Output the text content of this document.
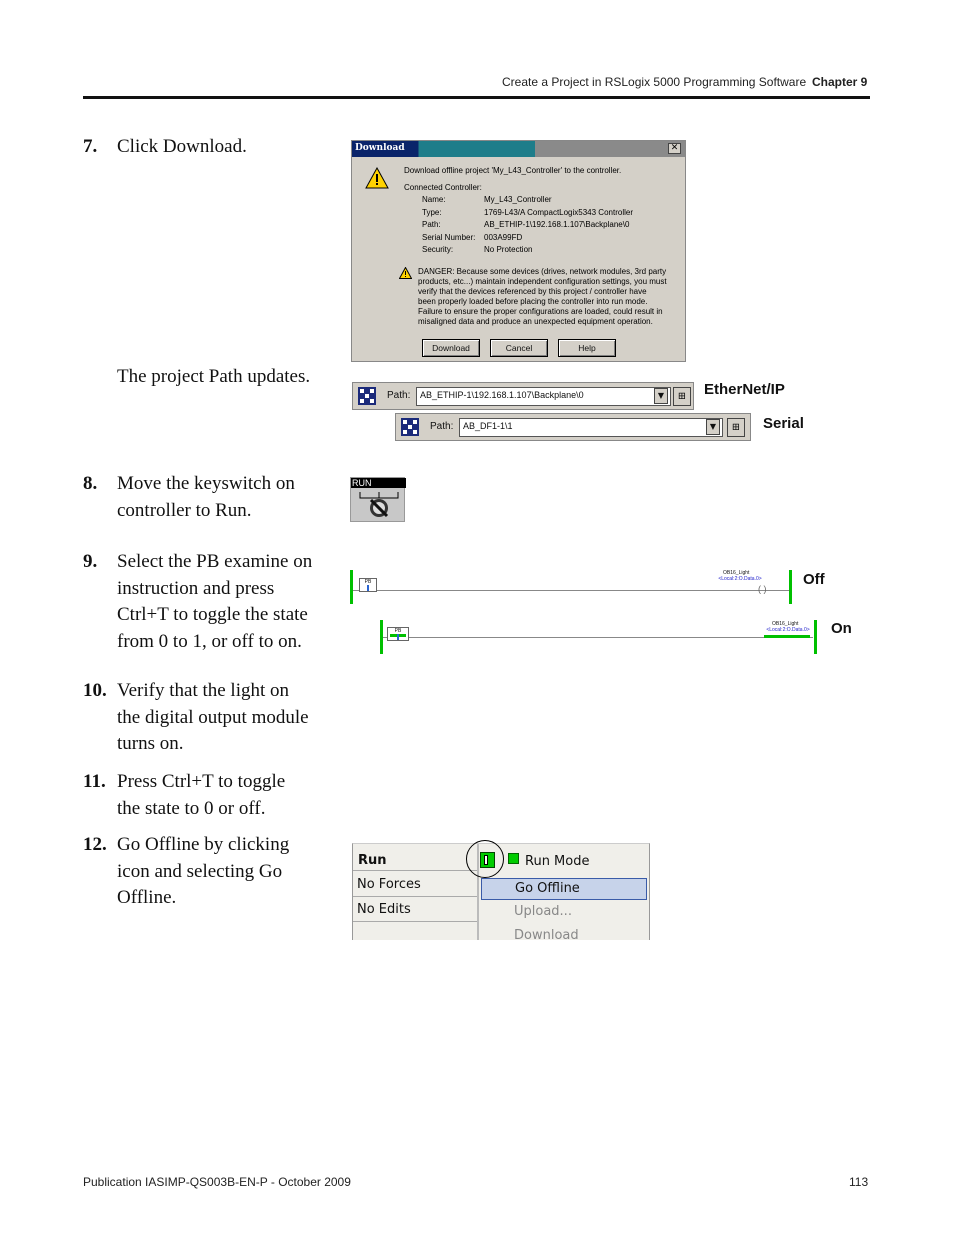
Create a Project in RSLogix 5000 Programming Software Chapter 9
7. Click Download.	Download	✕
Download offline project 'My_L43_Controller' to the controller.
Connected Controller:
Name:	My_L43_Controller
Type:	1769-L43/A CompactLogix5343 Controller
Path:	AB_ETHIP-1\192.168.1.107\Backplane\0
Serial Number: 003A99FD
Security:	No Protection
DANGER: Because some devices (drives, network modules, 3rd party
products, etc...) maintain independent configuration settings, you must
verify that the devices referenced by this project / controller have
been properly loaded before placing the controller into run mode.
Failure to ensure the proper configurations are loaded, could result in
misaligned data and produce an unexpected equipment operation.
Download	Cancel	Help
The project Path updates.
Path:	AB_ETHIP-1\192.168.1.107\Backplane\0	▼	⊞	EtherNet/IP
Path:	AB_DF1-1\1	▼	⊞	Serial
8. Move the keyswitch on
controller to Run.
RUN
9. Select the PB examine on
instruction and press
Ctrl+T to toggle the state
from 0 to 1, or off to on.
PB
OB16_Light
<Local:2:O.Data.0>
( )
Off
PB
OB16_Light
<Local:2:O.Data.0> On
10. Verify that the light on
the digital output module
turns on.
11. Press Ctrl+T to toggle
the state to 0 or off.
12. Go Offline by clicking
icon and selecting Go
Offline.
Run
No Forces
No Edits
Run Mode
Go Offline
Upload...
Download
Publication IASIMP-QS003B-EN-P - October 2009	113
